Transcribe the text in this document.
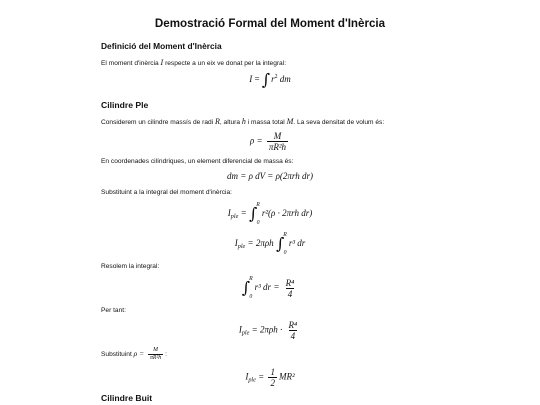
Demostració Formal del Moment d'Inèrcia
Definició del Moment d'Inèrcia
El moment d'inèrcia I respecte a un eix ve donat per la integral:
$I = \int r^2$ dm
Cilindre Ple
Considerem un cilindre massís de radi R, altura h i massa total M. La seva densitat de volum és:
$\rho = \frac{M}{\text{πR²h}}$
En coordenades cilíndriques, un element diferencial de massa és:
dm = ρ dV = ρ(2πrh dr)
Substituint a la integral del moment d'inèrcia:
$I_{ple}$ = ∫ R
0
r²(ρ · 2πrh dr)
$I_{ple} = 2\pi\rho h$ ∫ R
0
r³ dr
Resolem la integral:
∫ R
0
r³ dr = $\frac{\text{R⁴}}{4}$
Per tant:
$I_{ple} = 2\pi\rho h \cdot \frac{\text{R⁴}}{4}$
Substituint $\rho = \frac{M}{\text{πR²h}}$ :
$I_{ple} = \frac{1}{2} MR^2$
Cilindre Buit
